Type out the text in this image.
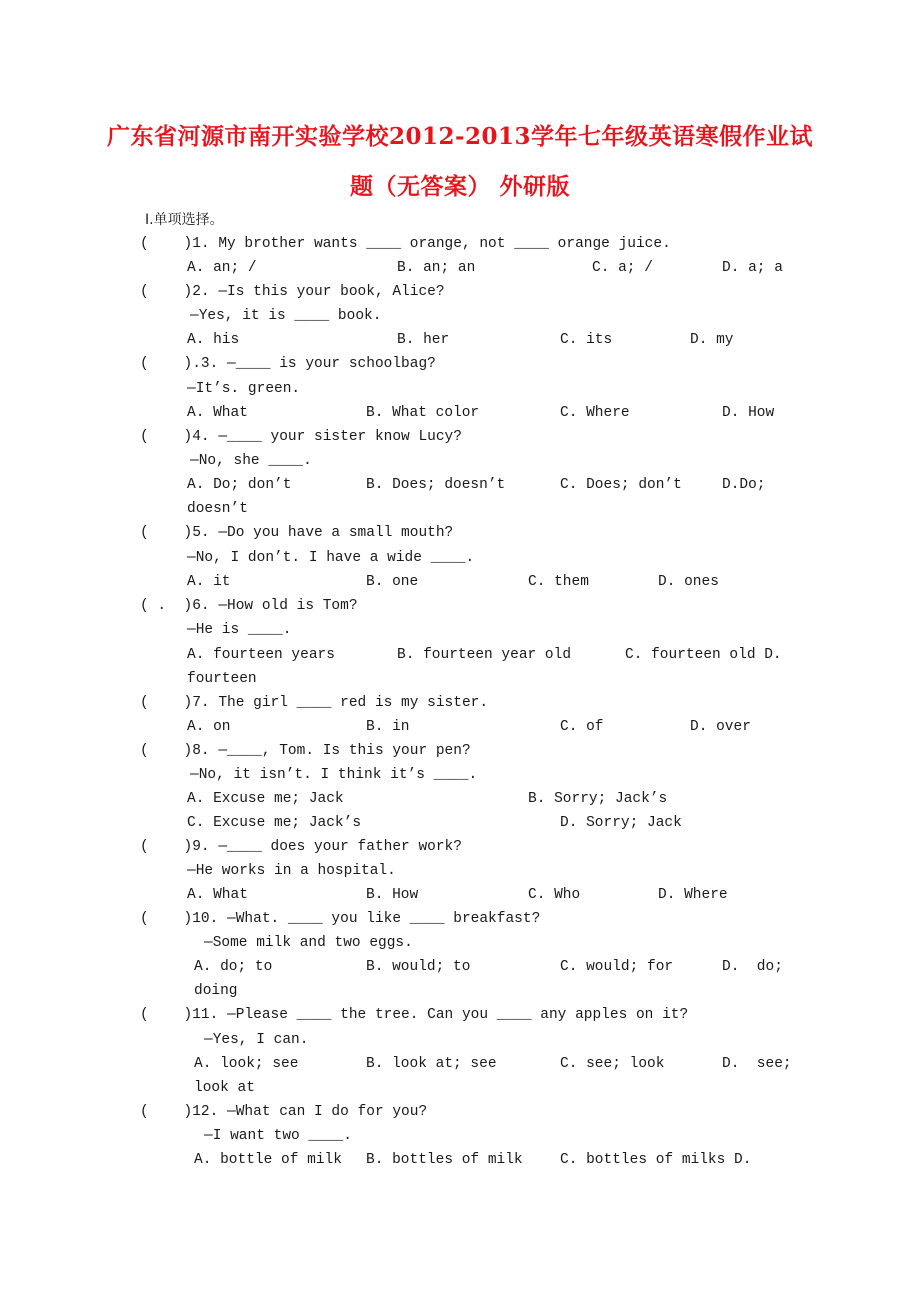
广东省河源市南开实验学校2012-2013学年七年级英语寒假作业试
题（无答案） 外研版
Ⅰ.单项选择。
(    )1. My brother wants ____ orange, not ____ orange juice.
A. an; /	B. an; an	C. a; /	D. a; a
(    )2. —Is this your book, Alice?
—Yes, it is ____ book.
A. his	B. her	C. its	D. my
(    ).3. —____ is your schoolbag?
—It’s. green.
A. What	B. What color	C. Where	D. How
(    )4. —____ your sister know Lucy?
—No, she ____.
A. Do; don’t	B. Does; doesn’t	C. Does; don’t	D.Do;
doesn’t
(    )5. —Do you have a small mouth?
—No, I don’t. I have a wide ____.
A. it	B. one	C. them	D. ones
( .  )6. —How old is Tom?
—He is ____.
A. fourteen years	B. fourteen year old	C. fourteen old D.
fourteen
(    )7. The girl ____ red is my sister.
A. on	B. in	C. of	D. over
(    )8. —____, Tom. Is this your pen?
—No, it isn’t. I think it’s ____.
A. Excuse me; Jack	B. Sorry; Jack’s
C. Excuse me; Jack’s	D. Sorry; Jack
(    )9. —____ does your father work?
—He works in a hospital.
A. What	B. How	C. Who	D. Where
(    )10. —What. ____ you like ____ breakfast?
—Some milk and two eggs.
A. do; to	B. would; to	C. would; for	D.  do;
doing
(    )11. —Please ____ the tree. Can you ____ any apples on it?
—Yes, I can.
A. look; see	B. look at; see	C. see; look	D.  see;
look at
(    )12. —What can I do for you?
—I want two ____.
A. bottle of milk B. bottles of milk	C. bottles of milks D.
